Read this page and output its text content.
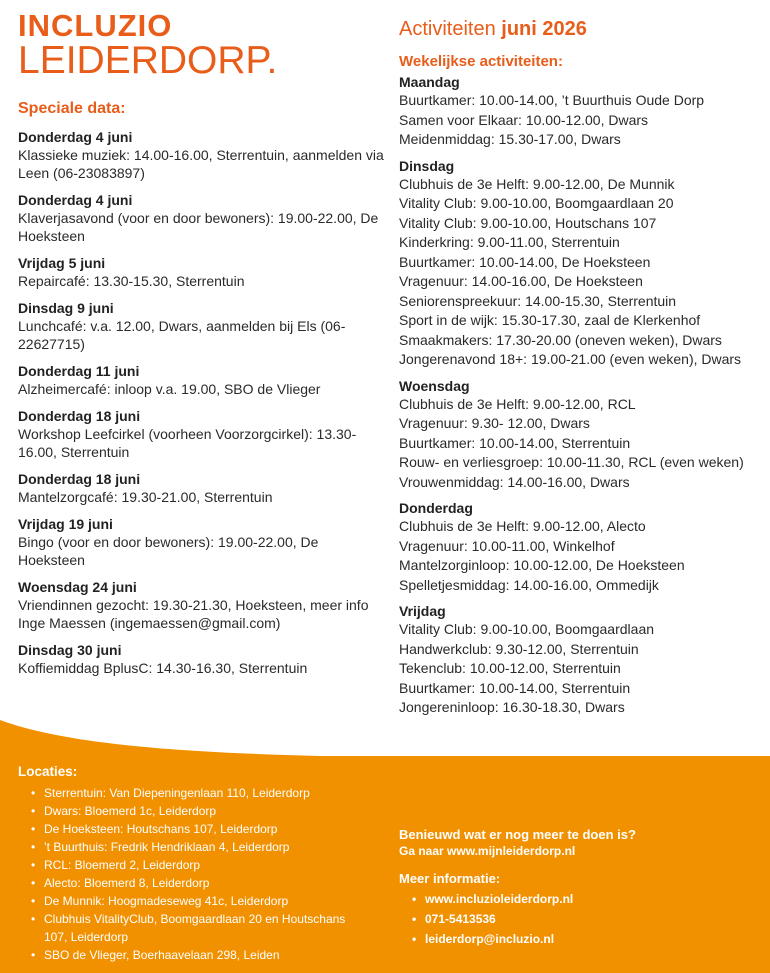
INCLUZIO
LEIDERDORP.
Speciale data:
Donderdag 4 juni
Klassieke muziek: 14.00-16.00, Sterrentuin, aanmelden via Leen (06-23083897)
Donderdag 4 juni
Klaverjasavond (voor en door bewoners): 19.00-22.00, De Hoeksteen
Vrijdag 5 juni
Repaircafé: 13.30-15.30, Sterrentuin
Dinsdag 9 juni
Lunchcafé: v.a. 12.00, Dwars, aanmelden bij Els (06-22627715)
Donderdag 11 juni
Alzheimercafé: inloop v.a. 19.00, SBO de Vlieger
Donderdag 18 juni
Workshop Leefcirkel (voorheen Voorzorgcirkel): 13.30-16.00, Sterrentuin
Donderdag 18 juni
Mantelzorgcafé: 19.30-21.00, Sterrentuin
Vrijdag 19 juni
Bingo (voor en door bewoners): 19.00-22.00, De Hoeksteen
Woensdag 24 juni
Vriendinnen gezocht: 19.30-21.30, Hoeksteen, meer info Inge Maessen (ingemaessen@gmail.com)
Dinsdag 30 juni
Koffiemiddag BplusC: 14.30-16.30, Sterrentuin
Activiteiten juni 2026
Wekelijkse activiteiten:
Maandag
Buurtkamer: 10.00-14.00, ’t Buurthuis Oude Dorp
Samen voor Elkaar: 10.00-12.00, Dwars
Meidenmiddag: 15.30-17.00, Dwars
Dinsdag
Clubhuis de 3e Helft: 9.00-12.00, De Munnik
Vitality Club: 9.00-10.00, Boomgaardlaan 20
Vitality Club: 9.00-10.00, Houtschans 107
Kinderkring: 9.00-11.00, Sterrentuin
Buurtkamer: 10.00-14.00, De Hoeksteen
Vragenuur: 14.00-16.00, De Hoeksteen
Seniorenspreekuur: 14.00-15.30, Sterrentuin
Sport in de wijk: 15.30-17.30, zaal de Klerkenhof
Smaakmakers: 17.30-20.00 (oneven weken), Dwars
Jongerenavond 18+: 19.00-21.00 (even weken), Dwars
Woensdag
Clubhuis de 3e Helft: 9.00-12.00, RCL
Vragenuur: 9.30- 12.00, Dwars
Buurtkamer: 10.00-14.00, Sterrentuin
Rouw- en verliesgroep: 10.00-11.30, RCL (even weken)
Vrouwenmiddag: 14.00-16.00, Dwars
Donderdag
Clubhuis de 3e Helft: 9.00-12.00, Alecto
Vragenuur: 10.00-11.00, Winkelhof
Mantelzorginloop: 10.00-12.00, De Hoeksteen
Spelletjesmiddag: 14.00-16.00, Ommedijk
Vrijdag
Vitality Club: 9.00-10.00, Boomgaardlaan
Handwerkclub: 9.30-12.00, Sterrentuin
Tekenclub: 10.00-12.00, Sterrentuin
Buurtkamer: 10.00-14.00, Sterrentuin
Jongereninloop: 16.30-18.30, Dwars
Locaties:
• Sterrentuin: Van Diepeningenlaan 110, Leiderdorp
• Dwars: Bloemerd 1c, Leiderdorp
• De Hoeksteen: Houtschans 107, Leiderdorp
• ’t Buurthuis: Fredrik Hendriklaan 4, Leiderdorp
• RCL: Bloemerd 2, Leiderdorp
• Alecto: Bloemerd 8, Leiderdorp
• De Munnik: Hoogmadeseweg 41c, Leiderdorp
• Clubhuis VitalityClub, Boomgaardlaan 20 en Houtschans 107, Leiderdorp
• SBO de Vlieger, Boerhaavelaan 298, Leiden
Benieuwd wat er nog meer te doen is?
Ga naar www.mijnleiderdorp.nl
Meer informatie:
• www.incluzioleiderdorp.nl
• 071-5413536
• leiderdorp@incluzio.nl
